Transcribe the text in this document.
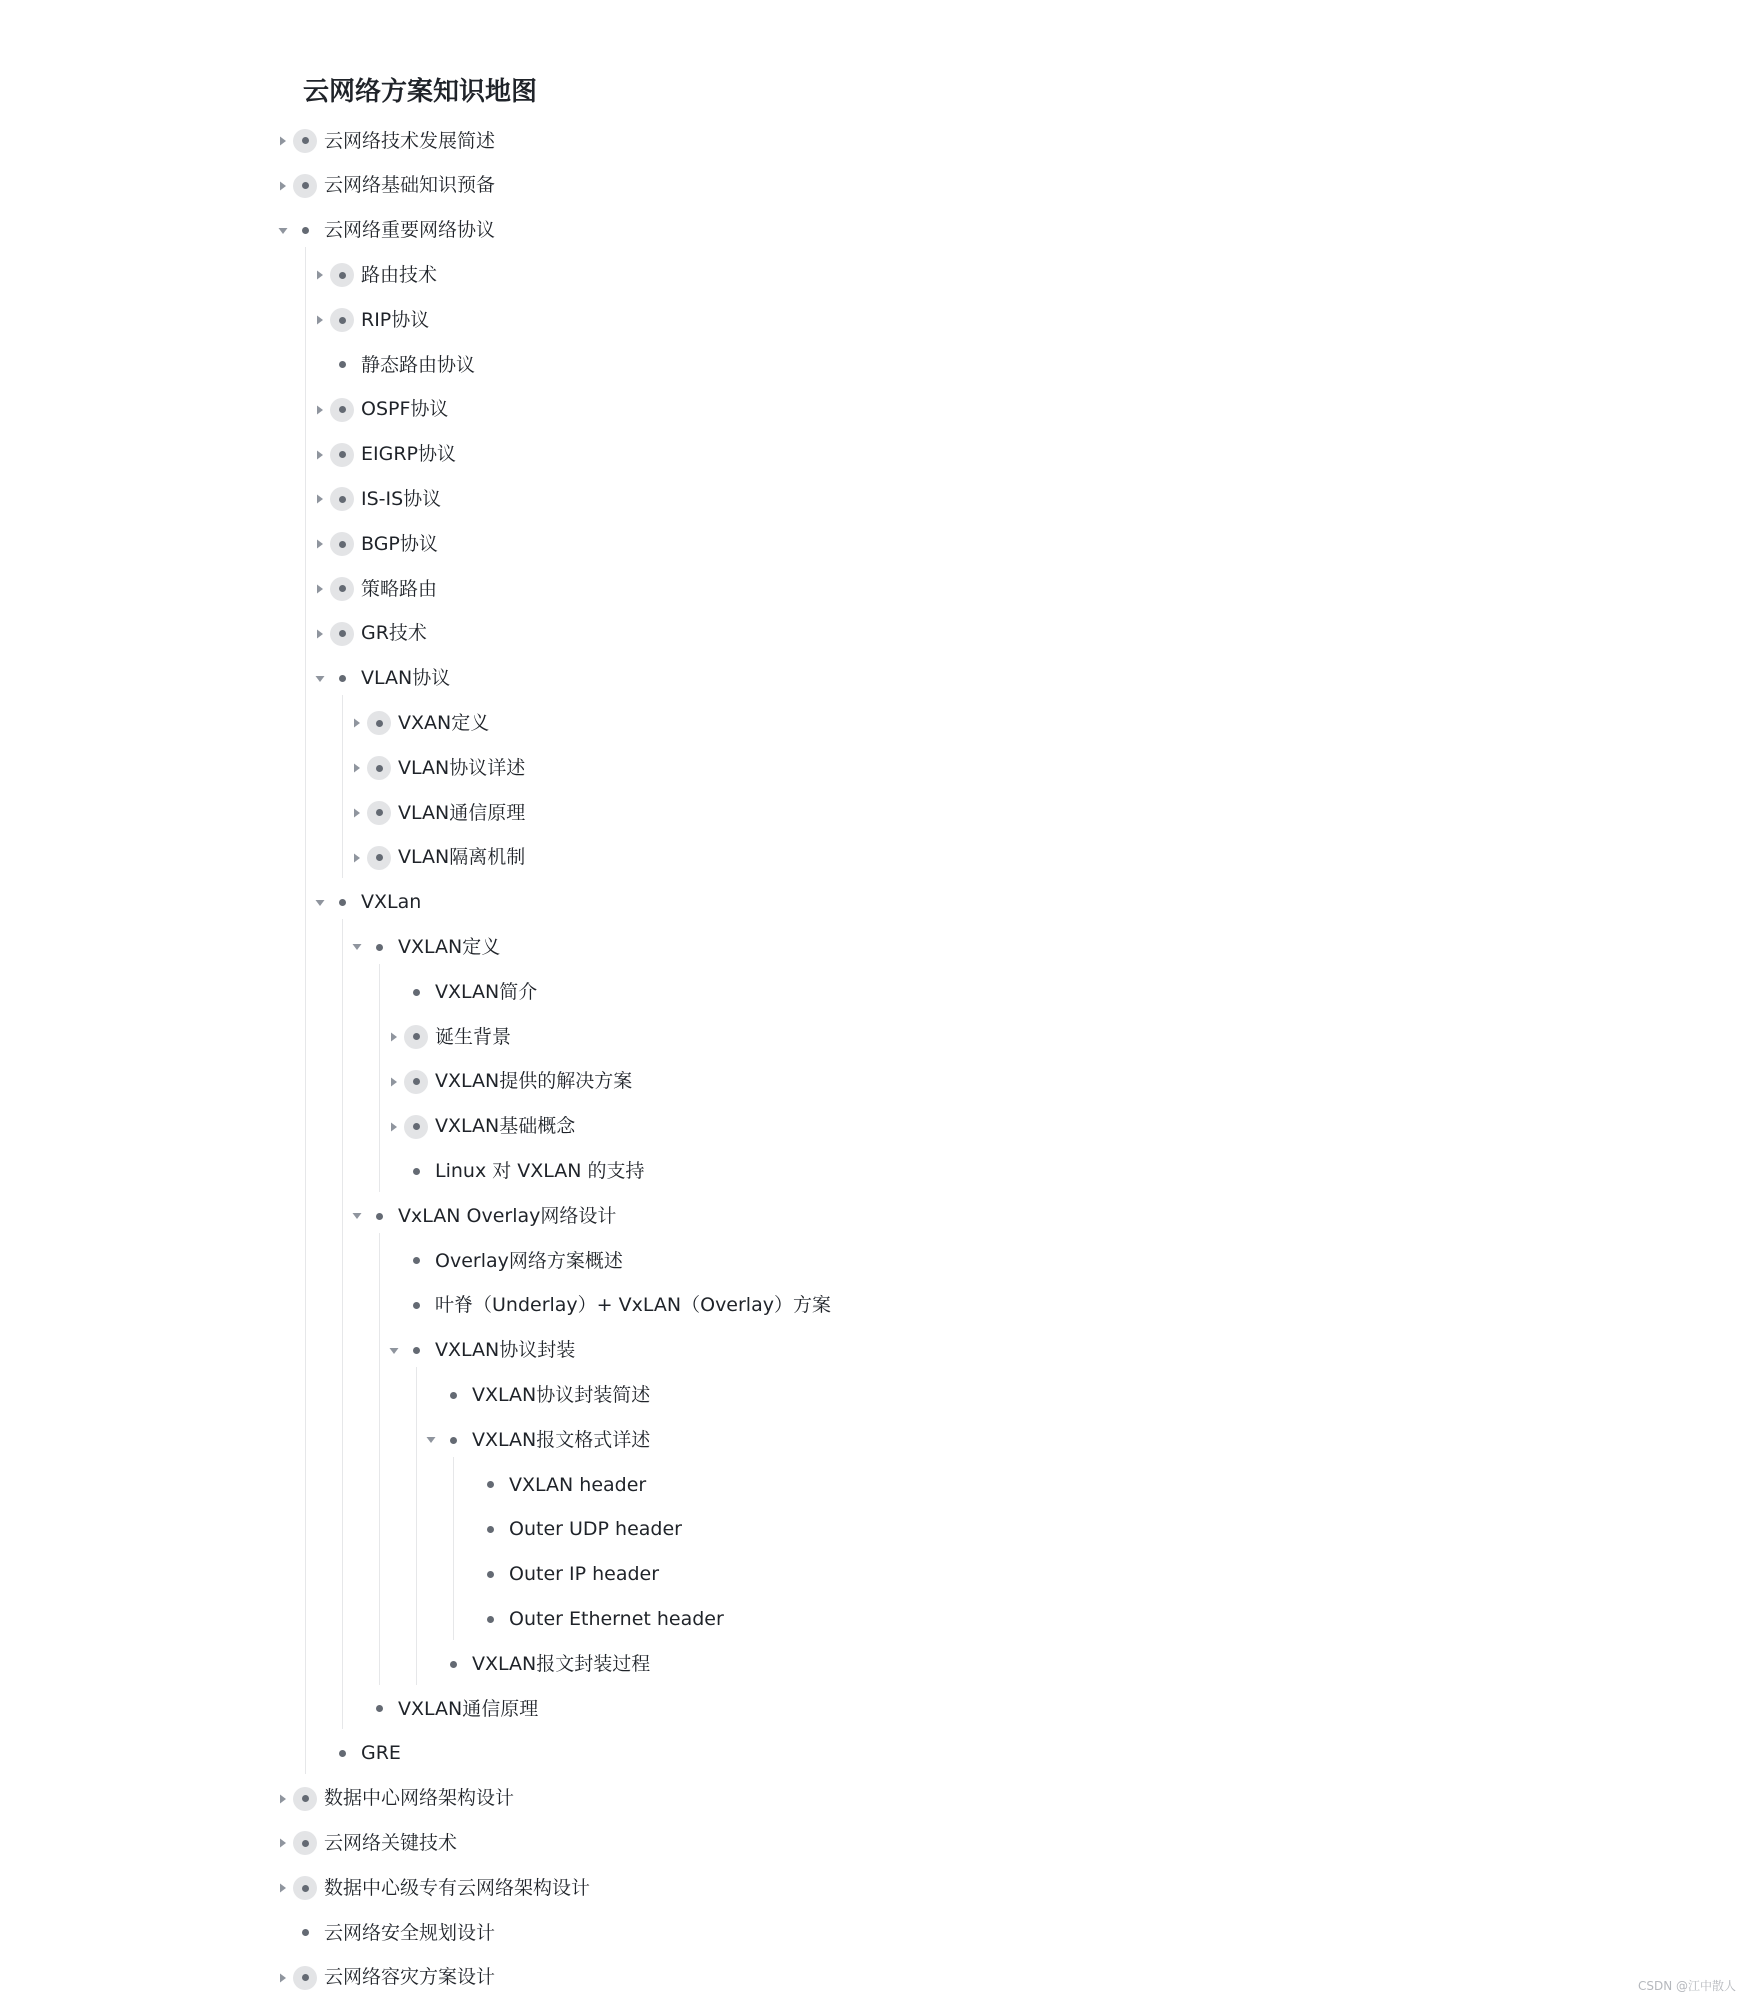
云网络方案知识地图
云网络技术发展简述
云网络基础知识预备
云网络重要网络协议
路由技术
RIP协议
静态路由协议
OSPF协议
EIGRP协议
IS-IS协议
BGP协议
策略路由
GR技术
VLAN协议
VXAN定义
VLAN协议详述
VLAN通信原理
VLAN隔离机制
VXLan
VXLAN定义
VXLAN简介
诞生背景
VXLAN提供的解决方案
VXLAN基础概念
Linux 对 VXLAN 的支持
VxLAN Overlay网络设计
Overlay网络方案概述
叶脊（Underlay）+ VxLAN（Overlay）方案
VXLAN协议封装
VXLAN协议封装简述
VXLAN报文格式详述
VXLAN header
Outer UDP header
Outer IP header
Outer Ethernet header
VXLAN报文封装过程
VXLAN通信原理
GRE
数据中心网络架构设计
云网络关键技术
数据中心级专有云网络架构设计
云网络安全规划设计
云网络容灾方案设计	CSDN @江中散人
